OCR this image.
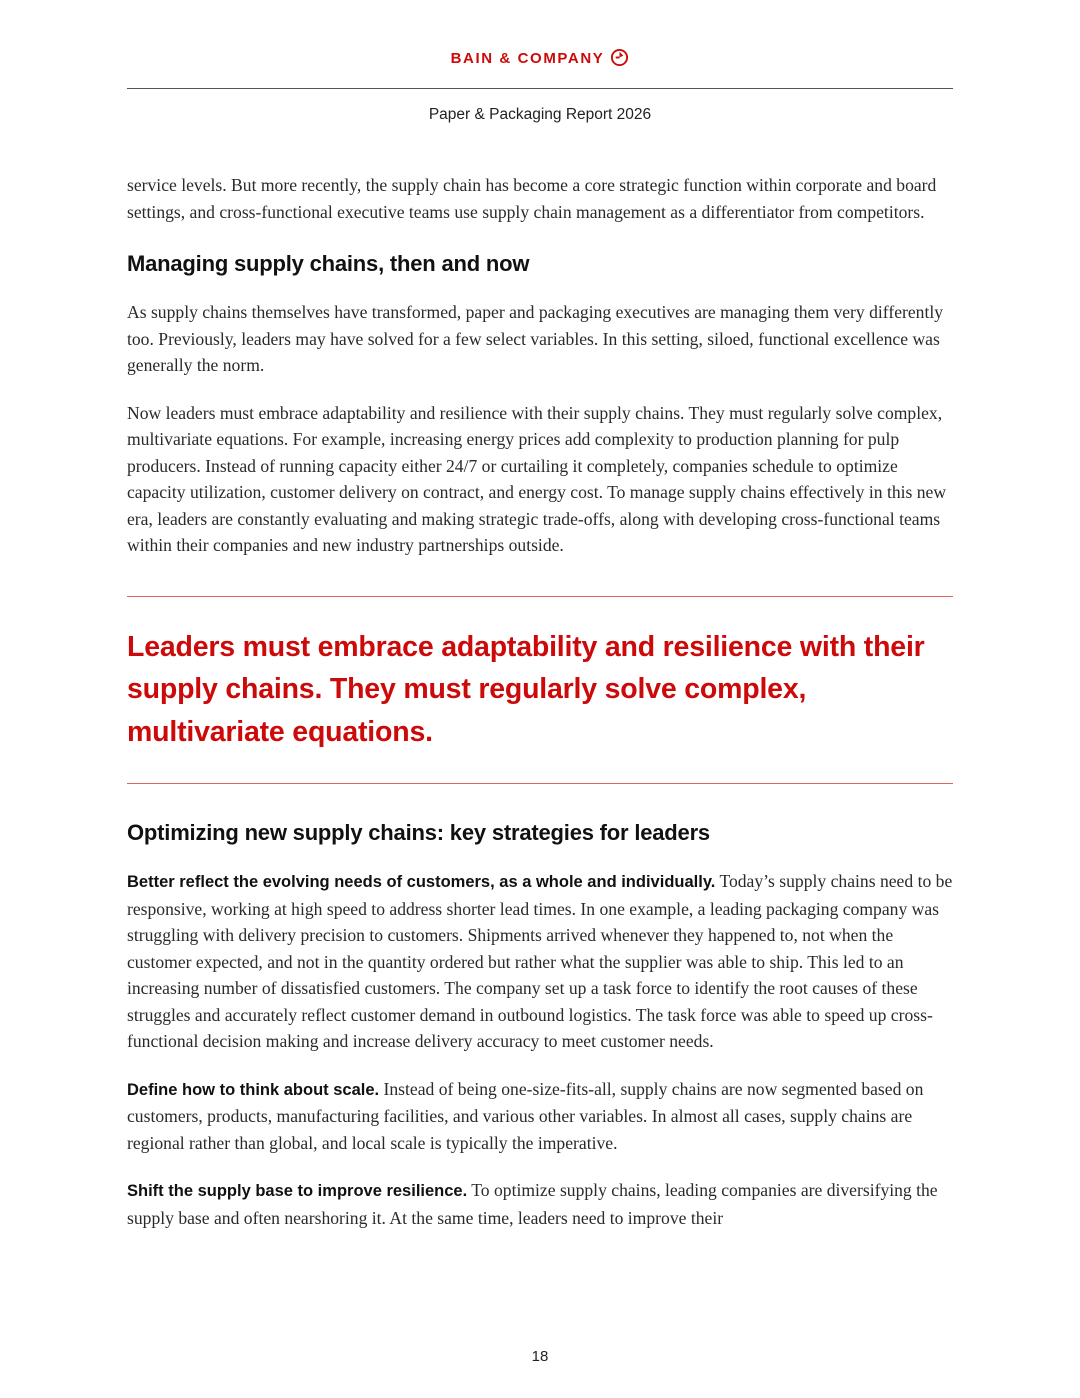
BAIN & COMPANY
Paper & Packaging Report 2026

service levels. But more recently, the supply chain has become a core strategic function within corporate and board settings, and cross-functional executive teams use supply chain management as a differentiator from competitors.

Managing supply chains, then and now

As supply chains themselves have transformed, paper and packaging executives are managing them very differently too. Previously, leaders may have solved for a few select variables. In this setting, siloed, functional excellence was generally the norm.

Now leaders must embrace adaptability and resilience with their supply chains. They must regularly solve complex, multivariate equations. For example, increasing energy prices add complexity to production planning for pulp producers. Instead of running capacity either 24/7 or curtailing it completely, companies schedule to optimize capacity utilization, customer delivery on contract, and energy cost. To manage supply chains effectively in this new era, leaders are constantly evaluating and making strategic trade-offs, along with developing cross-functional teams within their companies and new industry partnerships outside.

Leaders must embrace adaptability and resilience with their supply chains. They must regularly solve complex, multivariate equations.
Optimizing new supply chains: key strategies for leaders

Better reflect the evolving needs of customers, as a whole and individually. Today’s supply chains need to be responsive, working at high speed to address shorter lead times. In one example, a leading packaging company was struggling with delivery precision to customers. Shipments arrived whenever they happened to, not when the customer expected, and not in the quantity ordered but rather what the supplier was able to ship. This led to an increasing number of dissatisfied customers. The company set up a task force to identify the root causes of these struggles and accurately reflect customer demand in outbound logistics. The task force was able to speed up cross-functional decision making and increase delivery accuracy to meet customer needs.

Define how to think about scale. Instead of being one-size-fits-all, supply chains are now segmented based on customers, products, manufacturing facilities, and various other variables. In almost all cases, supply chains are regional rather than global, and local scale is typically the imperative.

Shift the supply base to improve resilience. To optimize supply chains, leading companies are diversifying the supply base and often nearshoring it. At the same time, leaders need to improve their

18
